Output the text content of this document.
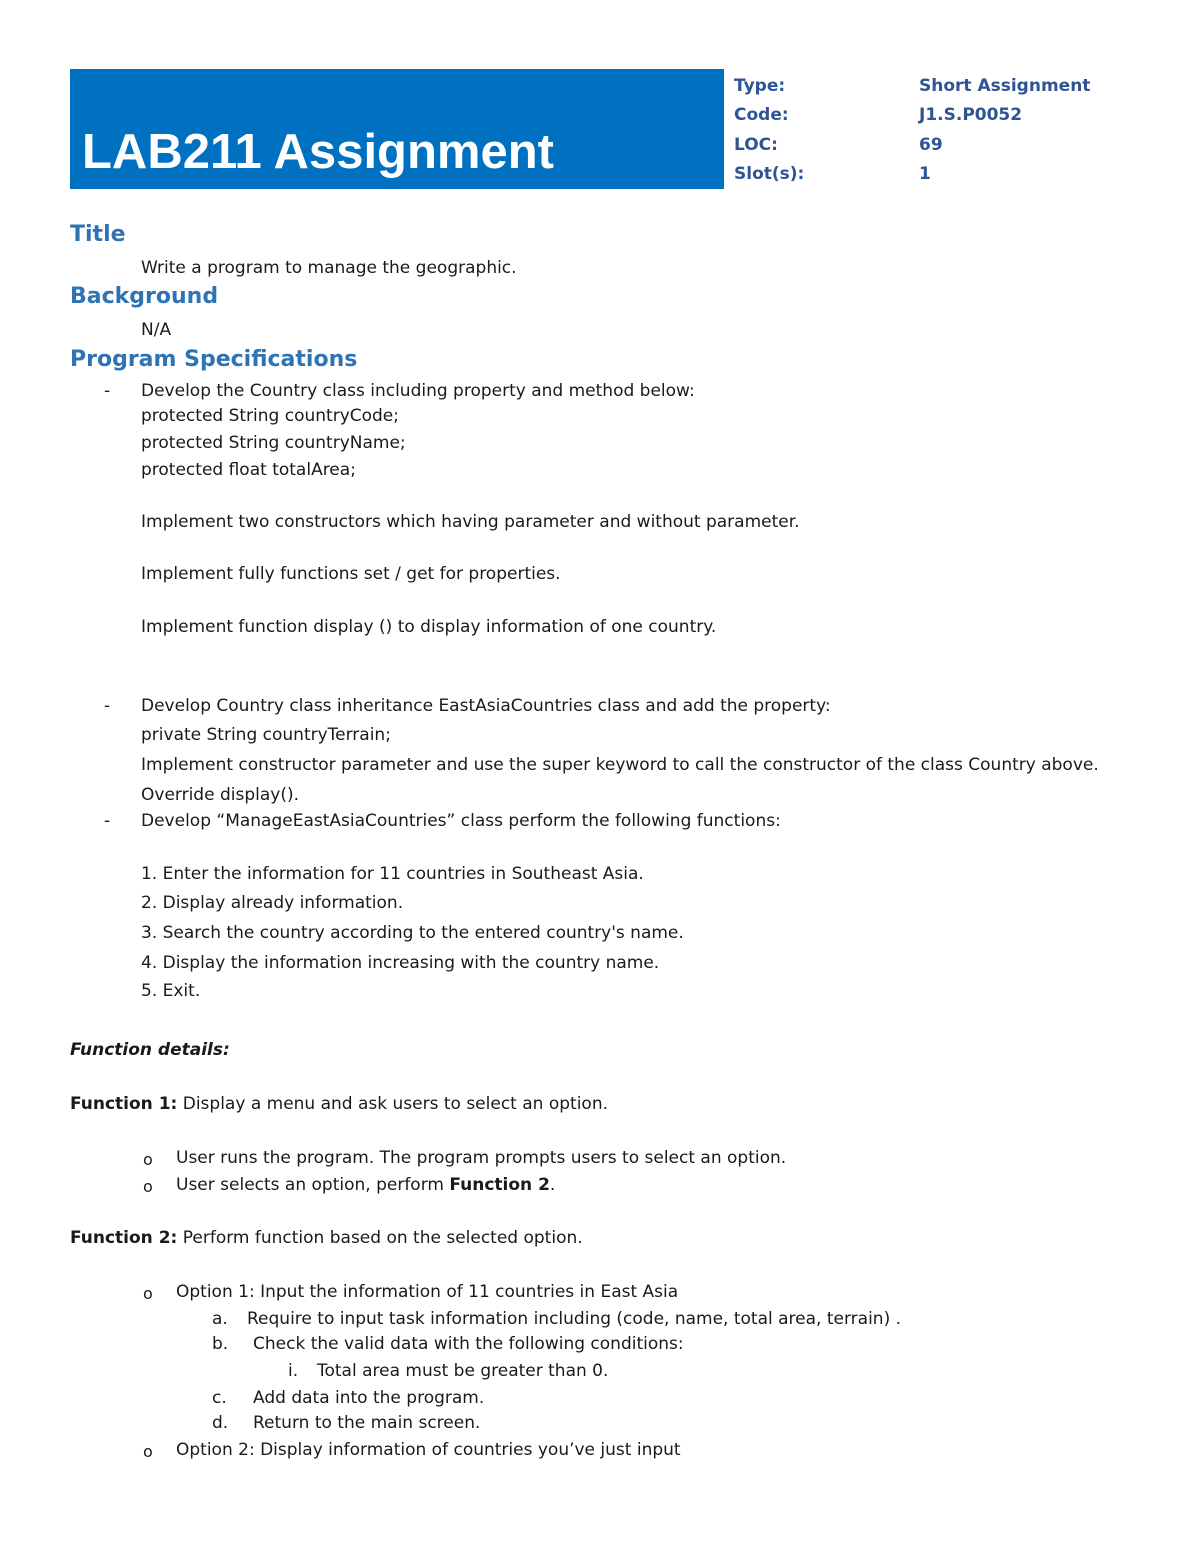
LAB211 Assignment
Type:	Short Assignment
Code:	J1.S.P0052
LOC:	69
Slot(s):	1
Title
Write a program to manage the geographic.
Background
N/A
Program Specifications
- Develop the Country class including property and method below:
protected String countryCode;
protected String countryName;
protected float totalArea;
Implement two constructors which having parameter and without parameter.
Implement fully functions set / get for properties.
Implement function display () to display information of one country.
- Develop Country class inheritance EastAsiaCountries class and add the property:
private String countryTerrain;
Implement constructor parameter and use the super keyword to call the constructor of the class Country above.
Override display().
- Develop “ManageEastAsiaCountries” class perform the following functions:
1. Enter the information for 11 countries in Southeast Asia.
2. Display already information.
3. Search the country according to the entered country's name.
4. Display the information increasing with the country name.
5. Exit.
Function details:
Function 1: Display a menu and ask users to select an option.
o User runs the program. The program prompts users to select an option.
o User selects an option, perform Function 2.
Function 2: Perform function based on the selected option.
o Option 1: Input the information of 11 countries in East Asia
a. Require to input task information including (code, name, total area, terrain) .
b. Check the valid data with the following conditions:
i. Total area must be greater than 0.
c. Add data into the program.
d. Return to the main screen.
o Option 2: Display information of countries you’ve just input
